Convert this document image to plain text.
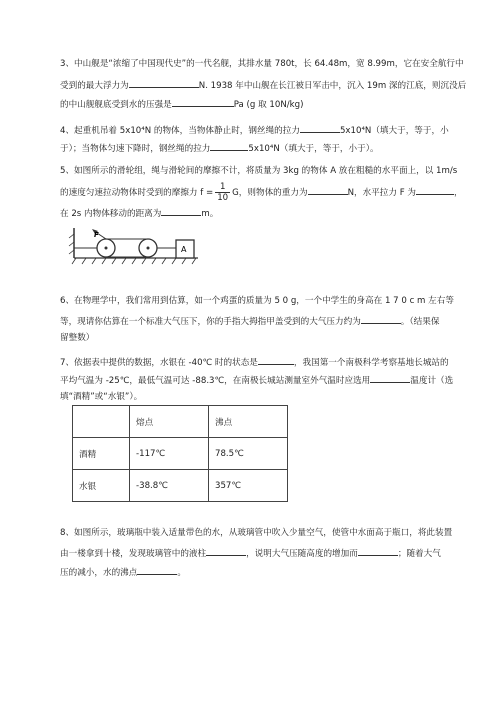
3、中山舰是“浓缩了中国现代史”的一代名舰，其排水量 780t，长 64.48m，宽 8.99m，它在安全航行中
受到的最大浮力为	N. 1938 年中山舰在长江被日军击中，沉入 19m 深的江底，则沉没后
的中山舰舰底受到水的压强是	Pa (g 取 10N/kg)
4、起重机吊着 5x10⁴N 的物体，当物体静止时，钢丝绳的拉力	5x10⁴N（填大于，等于，小
于）；当物体匀速下降时，钢丝绳的拉力	5x10⁴N（填大于，等于，小于）。
5、如图所示的滑轮组，绳与滑轮间的摩擦不计，将质量为 3kg 的物体 A 放在粗糙的水平面上，以 1m/s
的速度匀速拉动物体时受到的摩擦力 $f = \frac{1}{10}$ G，则物体的重力为	N，水平拉力 F 为	，
在 2s 内物体移动的距离为	m。
F
A
6、在物理学中，我们常用到估算，如一个鸡蛋的质量为 5 0 g，一个中学生的身高在 1 7 0 c m 左右等
等，现请你估算在一个标准大气压下，你的手指大拇指甲盖受到的大气压力约为	。（结果保
留整数）
7、依据表中提供的数据，水银在 -40℃ 时的状态是	，我国第一个南极科学考察基地长城站的
平均气温为 -25℃，最低气温可达 -88.3℃，在南极长城站测量室外气温时应选用	温度计（选
填“酒精”或“水银”）。
	熔点	沸点
酒精	-117℃	78.5℃
水银	-38.8℃	357℃
8、如图所示，玻璃瓶中装入适量带色的水，从玻璃管中吹入少量空气，使管中水面高于瓶口，将此装置
由一楼拿到十楼，发现玻璃管中的液柱	，说明大气压随高度的增加而	；随着大气
压的减小，水的沸点	。
